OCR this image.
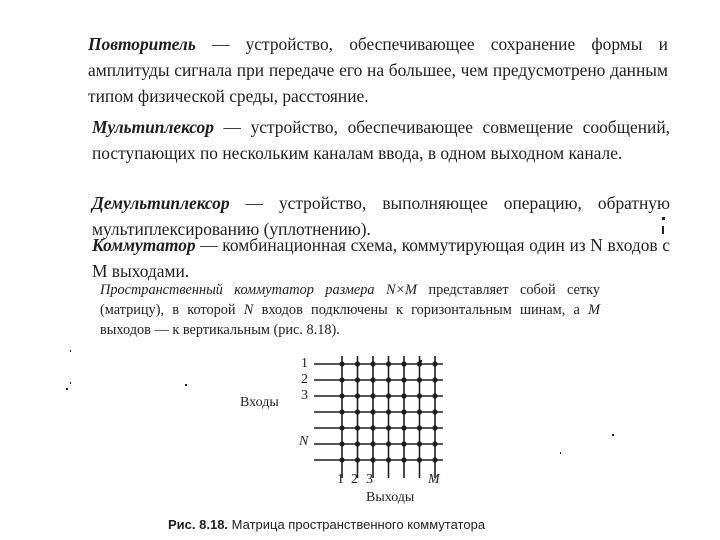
Повторитель — устройство, обеспечивающее сохранение формы и амплитуды сигнала при передаче его на большее, чем предусмотрено данным типом физической среды, расстояние.

Мультиплексор — устройство, обеспечивающее совмещение сообщений, поступающих по нескольким каналам ввода, в одном выходном канале.

Демультиплексор — устройство, выполняющее операцию, обратную мультиплексированию (уплотнению).

Коммутатор — комбинационная схема, коммутирующая один из N входов с M выходами.

Пространственный коммутатор размера N×M представляет собой сетку (матрицу), в которой N входов подключены к горизонтальным шинам, а M выходов — к вертикальным (рис. 8.18).

Входы
Выходы
1
2
3
N
1 2 3	M

Рис. 8.18. Матрица пространственного коммутатора
